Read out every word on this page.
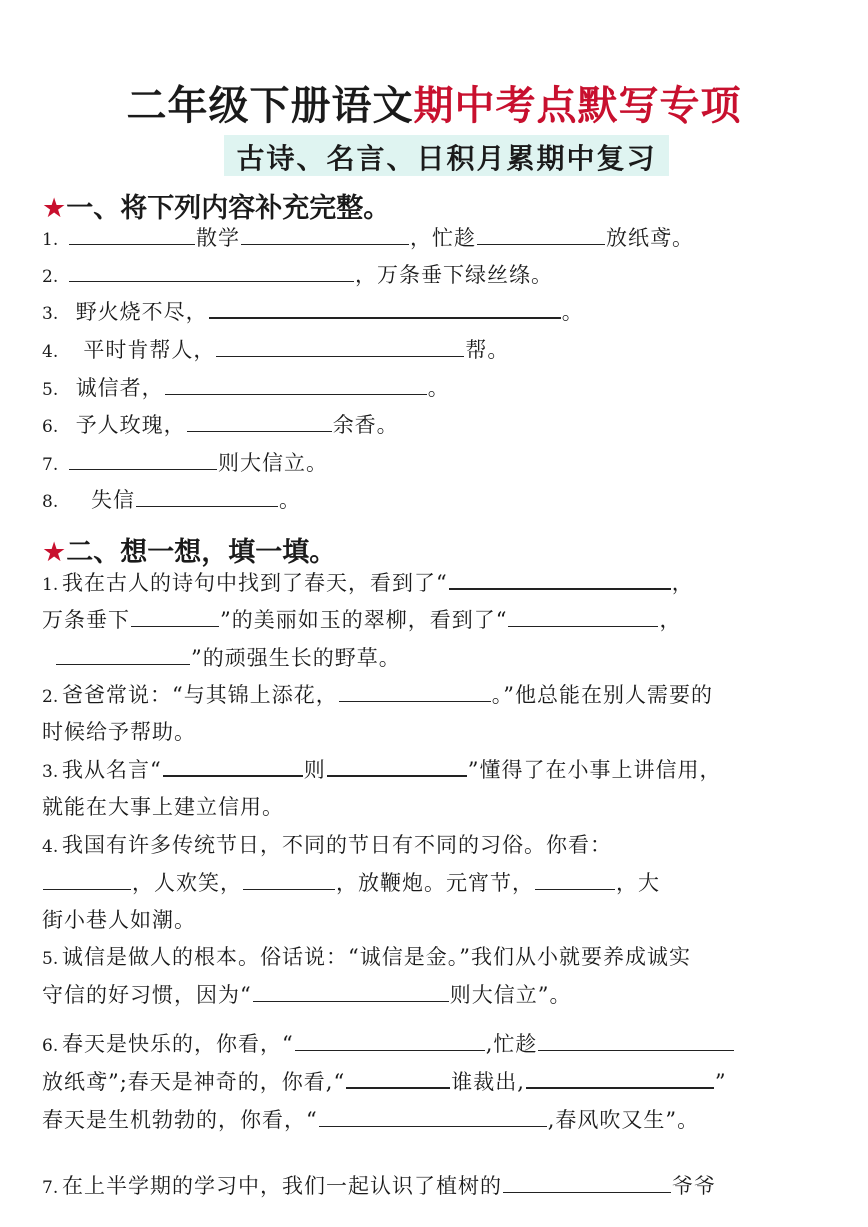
二年级下册语文期中考点默写专项
古诗、名言、日积月累期中复习
★一、将下列内容补充完整。
1.	散学	，忙趁	放纸鸢。
2.	，万条垂下绿丝绦。
3. 野火烧不尽，	。
4. 平时肯帮人，	帮。
5. 诚信者，	。
6. 予人玫瑰，	余香。
7.	则大信立。
8. 失信	。
★二、想一想，填一填。
1. 我在古人的诗句中找到了春天，看到了“	，
万条垂下	”的美丽如玉的翠柳，看到了“	，
”的顽强生长的野草。
2. 爸爸常说：“与其锦上添花，	。”他总能在别人需要的
时候给予帮助。
3. 我从名言“	则	”懂得了在小事上讲信用，
就能在大事上建立信用。
4. 我国有许多传统节日，不同的节日有不同的习俗。你看：
，人欢笑，	，放鞭炮。元宵节，	，大
街小巷人如潮。
5. 诚信是做人的根本。俗话说：“诚信是金。”我们从小就要养成诚实
守信的好习惯，因为“	则大信立”。
6. 春天是快乐的，你看，“	,忙趁
放纸鸢”;春天是神奇的，你看,“	谁裁出,	”
春天是生机勃勃的，你看，“	,春风吹又生”。
7. 在上半学期的学习中，我们一起认识了植树的	爷爷
